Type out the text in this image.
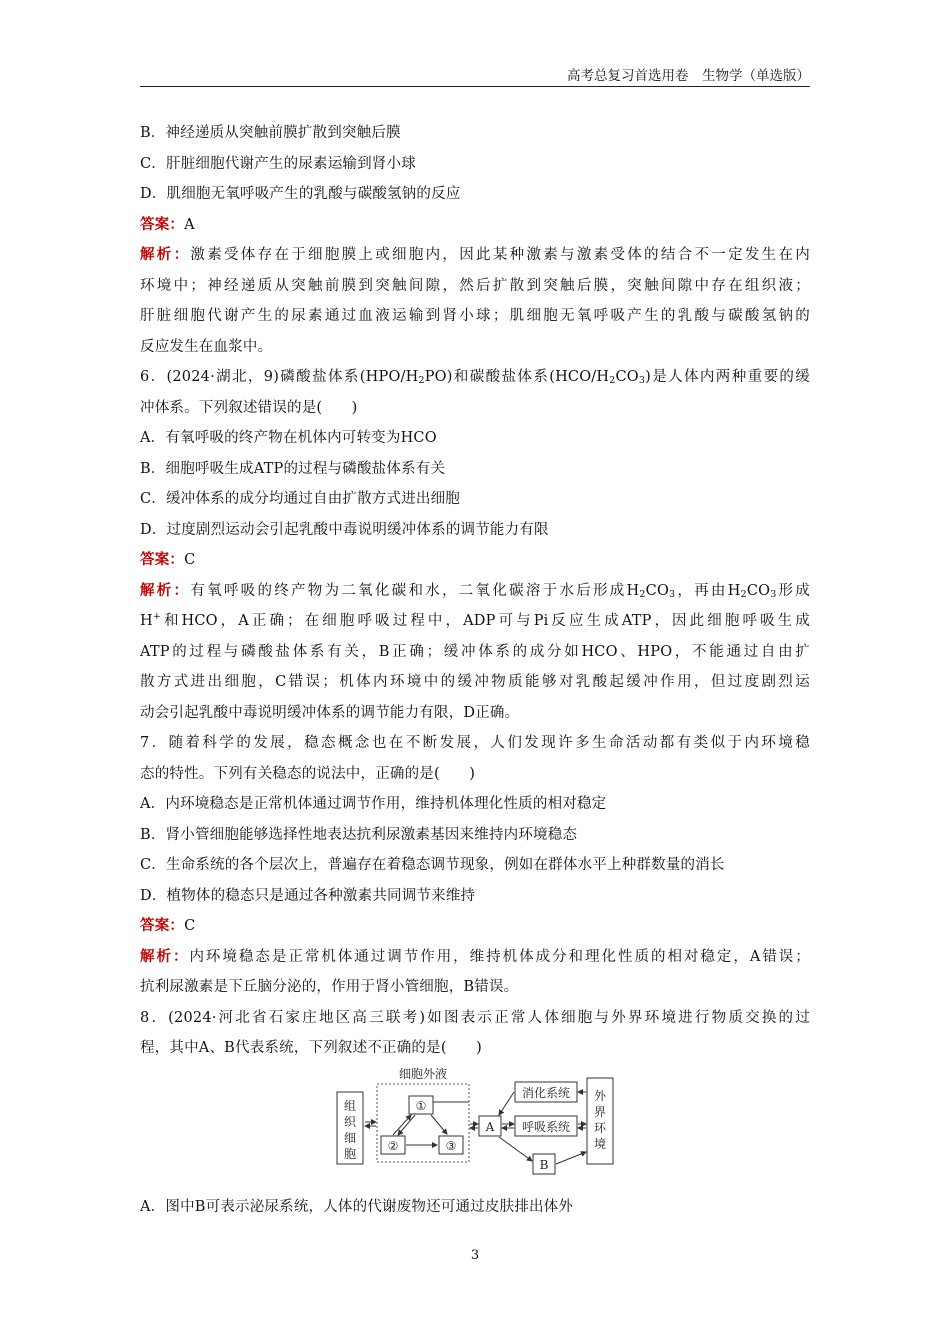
高考总复习首选用卷　生物学（单选版）
B．神经递质从突触前膜扩散到突触后膜
C．肝脏细胞代谢产生的尿素运输到肾小球
D．肌细胞无氧呼吸产生的乳酸与碳酸氢钠的反应
答案：A
解析：激素受体存在于细胞膜上或细胞内，因此某种激素与激素受体的结合不一定发生在内
环境中；神经递质从突触前膜到突触间隙，然后扩散到突触后膜，突触间隙中存在组织液；
肝脏细胞代谢产生的尿素通过血液运输到肾小球；肌细胞无氧呼吸产生的乳酸与碳酸氢钠的
反应发生在血浆中。
6．(2024·湖北，9)磷酸盐体系$(HPO/H_2PO)$和碳酸盐体系$(HCO/H_2CO_3)$是人体内两种重要的缓
冲体系。下列叙述错误的是(　　)
A．有氧呼吸的终产物在机体内可转变为HCO
B．细胞呼吸生成ATP的过程与磷酸盐体系有关
C．缓冲体系的成分均通过自由扩散方式进出细胞
D．过度剧烈运动会引起乳酸中毒说明缓冲体系的调节能力有限
答案：C
解析：有氧呼吸的终产物为二氧化碳和水，二氧化碳溶于水后形成$H_2CO_3$，再由$H_2CO_3$形成
H+和HCO，A正确；在细胞呼吸过程中，ADP可与Pi反应生成ATP，因此细胞呼吸生成
ATP的过程与磷酸盐体系有关，B正确；缓冲体系的成分如HCO、HPO，不能通过自由扩
散方式进出细胞，C错误；机体内环境中的缓冲物质能够对乳酸起缓冲作用，但过度剧烈运
动会引起乳酸中毒说明缓冲体系的调节能力有限，D正确。
7．随着科学的发展，稳态概念也在不断发展，人们发现许多生命活动都有类似于内环境稳
态的特性。下列有关稳态的说法中，正确的是(　　)
A．内环境稳态是正常机体通过调节作用，维持机体理化性质的相对稳定
B．肾小管细胞能够选择性地表达抗利尿激素基因来维持内环境稳态
C．生命系统的各个层次上，普遍存在着稳态调节现象，例如在群体水平上种群数量的消长
D．植物体的稳态只是通过各种激素共同调节来维持
答案：C
解析：内环境稳态是正常机体通过调节作用，维持机体成分和理化性质的相对稳定，A错误；
抗利尿激素是下丘脑分泌的，作用于肾小管细胞，B错误。
8．(2024·河北省石家庄地区高三联考)如图表示正常人体细胞与外界环境进行物质交换的过
程，其中A、B代表系统，下列叙述不正确的是(　　)
组
织
细
胞
细胞外液
①
②	③
A
消化系统
呼吸系统
B
外
界
环
境
A．图中B可表示泌尿系统，人体的代谢废物还可通过皮肤排出体外
3
